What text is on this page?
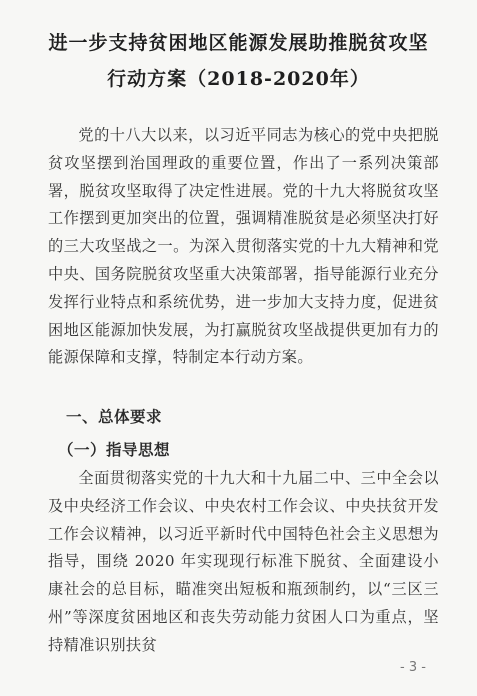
进一步支持贫困地区能源发展助推脱贫攻坚
行动方案（2018-2020年）

党的十八大以来，以习近平同志为核心的党中央把脱贫攻坚摆到治国理政的重要位置，作出了一系列决策部署，脱贫攻坚取得了决定性进展。党的十九大将脱贫攻坚工作摆到更加突出的位置，强调精准脱贫是必须坚决打好的三大攻坚战之一。为深入贯彻落实党的十九大精神和党中央、国务院脱贫攻坚重大决策部署，指导能源行业充分发挥行业特点和系统优势，进一步加大支持力度，促进贫困地区能源加快发展，为打赢脱贫攻坚战提供更加有力的能源保障和支撑，特制定本行动方案。

一、总体要求
（一）指导思想

全面贯彻落实党的十九大和十九届二中、三中全会以及中央经济工作会议、中央农村工作会议、中央扶贫开发工作会议精神，以习近平新时代中国特色社会主义思想为指导，围绕 2020 年实现现行标准下脱贫、全面建设小康社会的总目标，瞄准突出短板和瓶颈制约，以“三区三州”等深度贫困地区和丧失劳动能力贫困人口为重点，坚持精准识别扶贫

- 3 -
